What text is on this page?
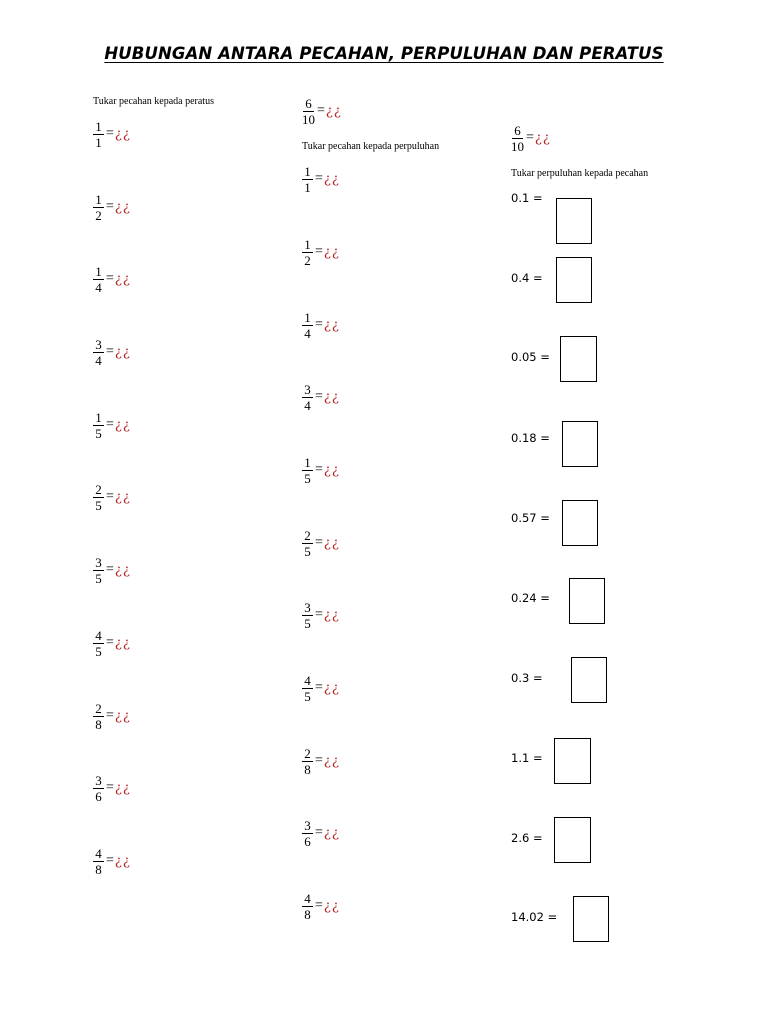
HUBUNGAN ANTARA PECAHAN, PERPULUHAN DAN PERATUS
Tukar pecahan kepada peratus
Tukar pecahan kepada perpuluhan
Tukar perpuluhan kepada pecahan
$\frac{1}{1}$ = ¿¿
$\frac{1}{2}$ = ¿¿
$\frac{1}{4}$ = ¿¿
$\frac{3}{4}$ = ¿¿
$\frac{1}{5}$ = ¿¿
$\frac{2}{5}$ = ¿¿
$\frac{3}{5}$ = ¿¿
$\frac{4}{5}$ = ¿¿
$\frac{2}{8}$ = ¿¿
$\frac{3}{6}$ = ¿¿
$\frac{4}{8}$ = ¿¿
$\frac{6}{10}$ = ¿¿
$\frac{1}{1}$ = ¿¿
$\frac{1}{2}$ = ¿¿
$\frac{1}{4}$ = ¿¿
$\frac{3}{4}$ = ¿¿
$\frac{1}{5}$ = ¿¿
$\frac{2}{5}$ = ¿¿
$\frac{3}{5}$ = ¿¿
$\frac{4}{5}$ = ¿¿
$\frac{2}{8}$ = ¿¿
$\frac{3}{6}$ = ¿¿
$\frac{4}{8}$ = ¿¿
$\frac{6}{10}$ = ¿¿
0.1 =
0.4 =
0.05 =
0.18 =
0.57 =
0.24 =
0.3 =
1.1 =
2.6 =
14.02 =
